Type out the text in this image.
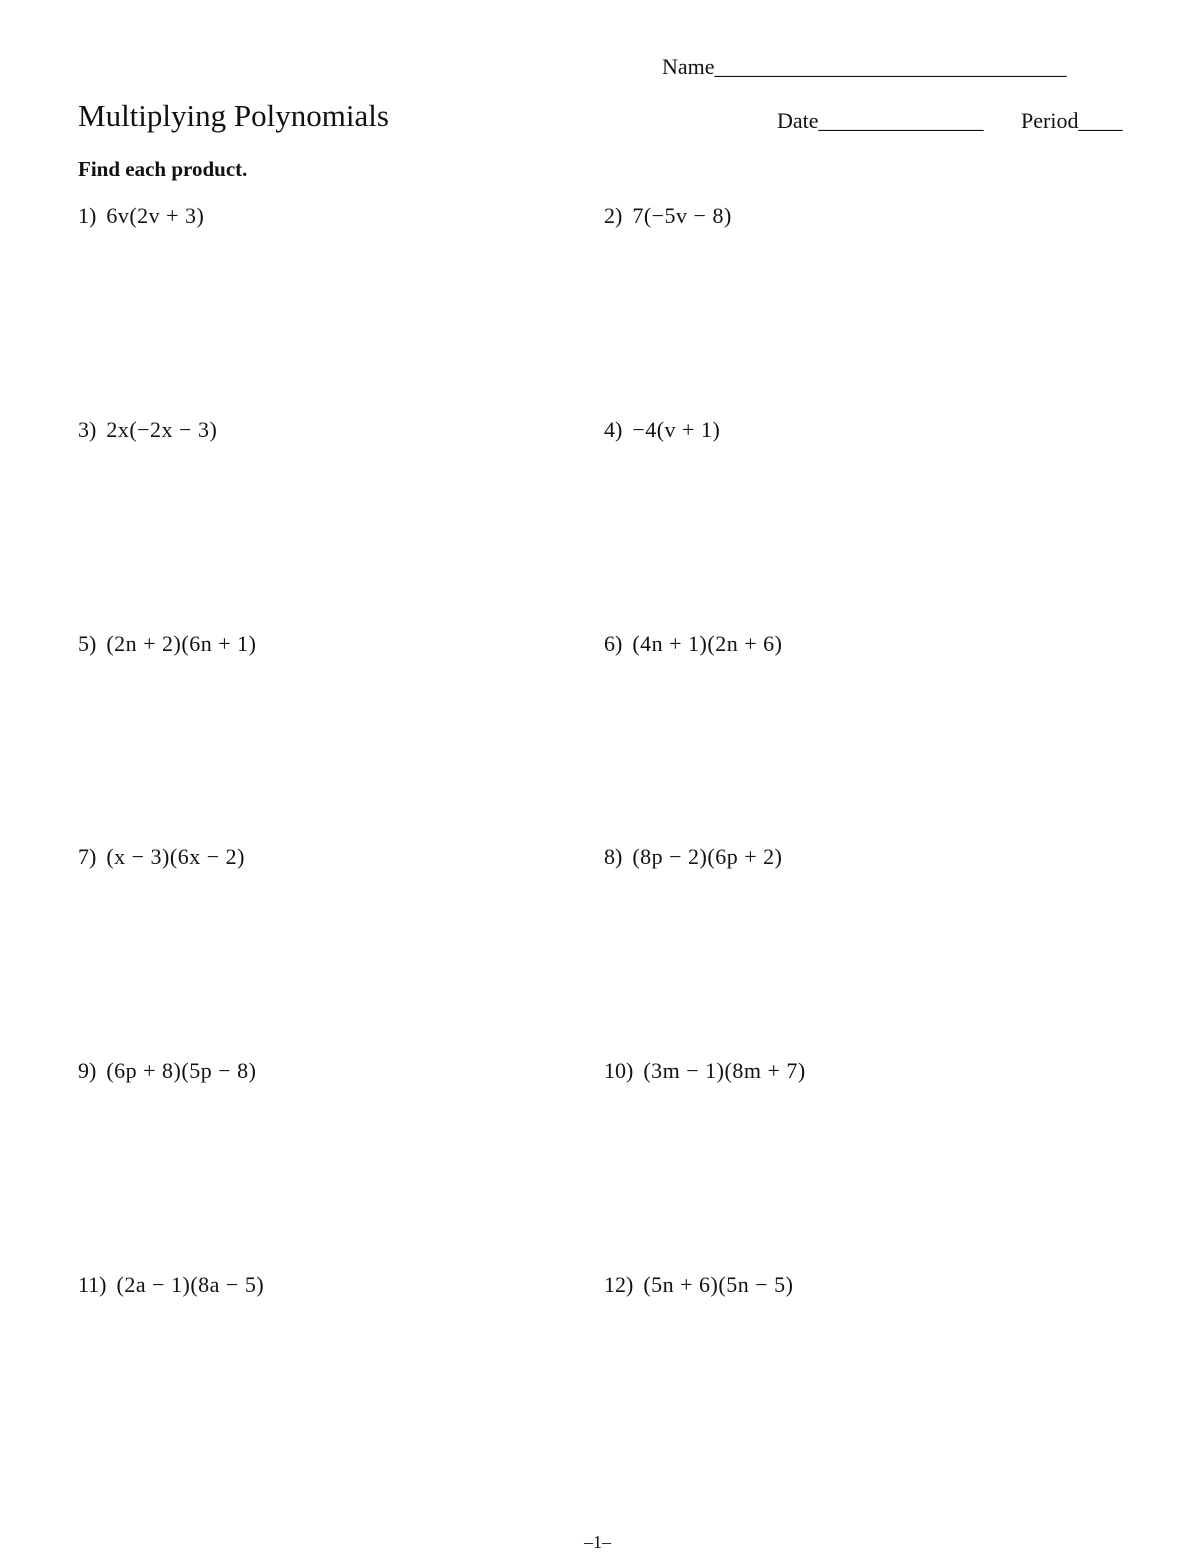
Name________________________________
Multiplying Polynomials	Date_______________ Period____
Find each product.
1) 6v(2v + 3)	2) 7(−5v − 8)
3) 2x(−2x − 3)	4) −4(v + 1)
5) (2n + 2)(6n + 1)	6) (4n + 1)(2n + 6)
7) (x − 3)(6x − 2)	8) (8p − 2)(6p + 2)
9) (6p + 8)(5p − 8)	10) (3m − 1)(8m + 7)
11) (2a − 1)(8a − 5)	12) (5n + 6)(5n − 5)
–1–
